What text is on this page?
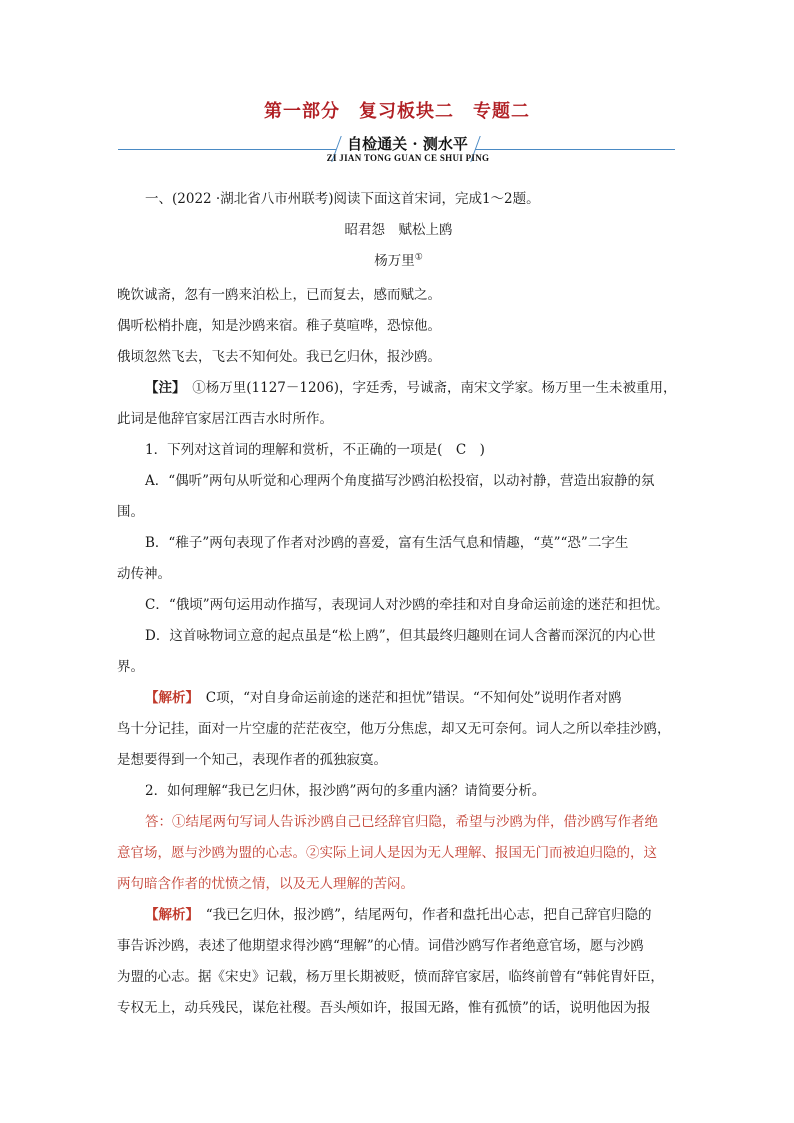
第一部分　复习板块二　专题二
自检通关 · 测水平
ZI JIAN TONG GUAN CE SHUI PING
一、(2022 ·湖北省八市州联考)阅读下面这首宋词，完成1～2题。
昭君怨　赋松上鸥
杨万里①
晚饮诚斋，忽有一鸥来泊松上，已而复去，感而赋之。
偶听松梢扑鹿，知是沙鸥来宿。稚子莫喧哗，恐惊他。
俄顷忽然飞去，飞去不知何处。我已乞归休，报沙鸥。
【注】　①杨万里(1127－1206)，字廷秀，号诚斋，南宋文学家。杨万里一生未被重用，
此词是他辞官家居江西吉水时所作。
1．下列对这首词的理解和赏析，不正确的一项是(　C　)
A．“偶听”两句从听觉和心理两个角度描写沙鸥泊松投宿，以动衬静，营造出寂静的氛
围。
B．“稚子”两句表现了作者对沙鸥的喜爱，富有生活气息和情趣，“莫”“恐”二字生
动传神。
C．“俄顷”两句运用动作描写，表现词人对沙鸥的牵挂和对自身命运前途的迷茫和担忧。
D．这首咏物词立意的起点虽是“松上鸥”，但其最终归趣则在词人含蓄而深沉的内心世
界。
【解析】　C项，“对自身命运前途的迷茫和担忧”错误。“不知何处”说明作者对鸥
鸟十分记挂，面对一片空虚的茫茫夜空，他万分焦虑，却又无可奈何。词人之所以牵挂沙鸥，
是想要得到一个知己，表现作者的孤独寂寞。
2．如何理解“我已乞归休，报沙鸥”两句的多重内涵？请简要分析。
答：①结尾两句写词人告诉沙鸥自己已经辞官归隐，希望与沙鸥为伴，借沙鸥写作者绝
意官场，愿与沙鸥为盟的心志。②实际上词人是因为无人理解、报国无门而被迫归隐的，这
两句暗含作者的忧愤之情，以及无人理解的苦闷。
【解析】　“我已乞归休，报沙鸥”，结尾两句，作者和盘托出心志，把自己辞官归隐的
事告诉沙鸥，表述了他期望求得沙鸥“理解”的心情。词借沙鸥写作者绝意官场，愿与沙鸥
为盟的心志。据《宋史》记载，杨万里长期被贬，愤而辞官家居，临终前曾有“韩侂胄奸臣，
专权无上，动兵残民，谋危社稷。吾头颅如许，报国无路，惟有孤愤”的话，说明他因为报
